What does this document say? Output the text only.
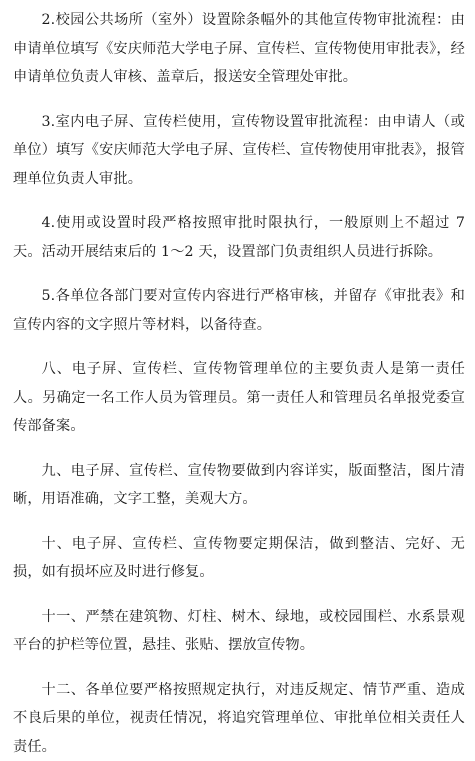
2.校园公共场所（室外）设置除条幅外的其他宣传物审批流程：由申请单位填写《安庆师范大学电子屏、宣传栏、宣传物使用审批表》，经申请单位负责人审核、盖章后，报送安全管理处审批。

3.室内电子屏、宣传栏使用，宣传物设置审批流程：由申请人（或单位）填写《安庆师范大学电子屏、宣传栏、宣传物使用审批表》，报管理单位负责人审批。

4.使用或设置时段严格按照审批时限执行，一般原则上不超过 7 天。活动开展结束后的 1～2 天，设置部门负责组织人员进行拆除。

5.各单位各部门要对宣传内容进行严格审核，并留存《审批表》和宣传内容的文字照片等材料，以备待查。

八、电子屏、宣传栏、宣传物管理单位的主要负责人是第一责任人。另确定一名工作人员为管理员。第一责任人和管理员名单报党委宣传部备案。

九、电子屏、宣传栏、宣传物要做到内容详实，版面整洁，图片清晰，用语准确，文字工整，美观大方。

十、电子屏、宣传栏、宣传物要定期保洁，做到整洁、完好、无损，如有损坏应及时进行修复。

十一、严禁在建筑物、灯柱、树木、绿地，或校园围栏、水系景观平台的护栏等位置，悬挂、张贴、摆放宣传物。

十二、各单位要严格按照规定执行，对违反规定、情节严重、造成不良后果的单位，视责任情况，将追究管理单位、审批单位相关责任人责任。
